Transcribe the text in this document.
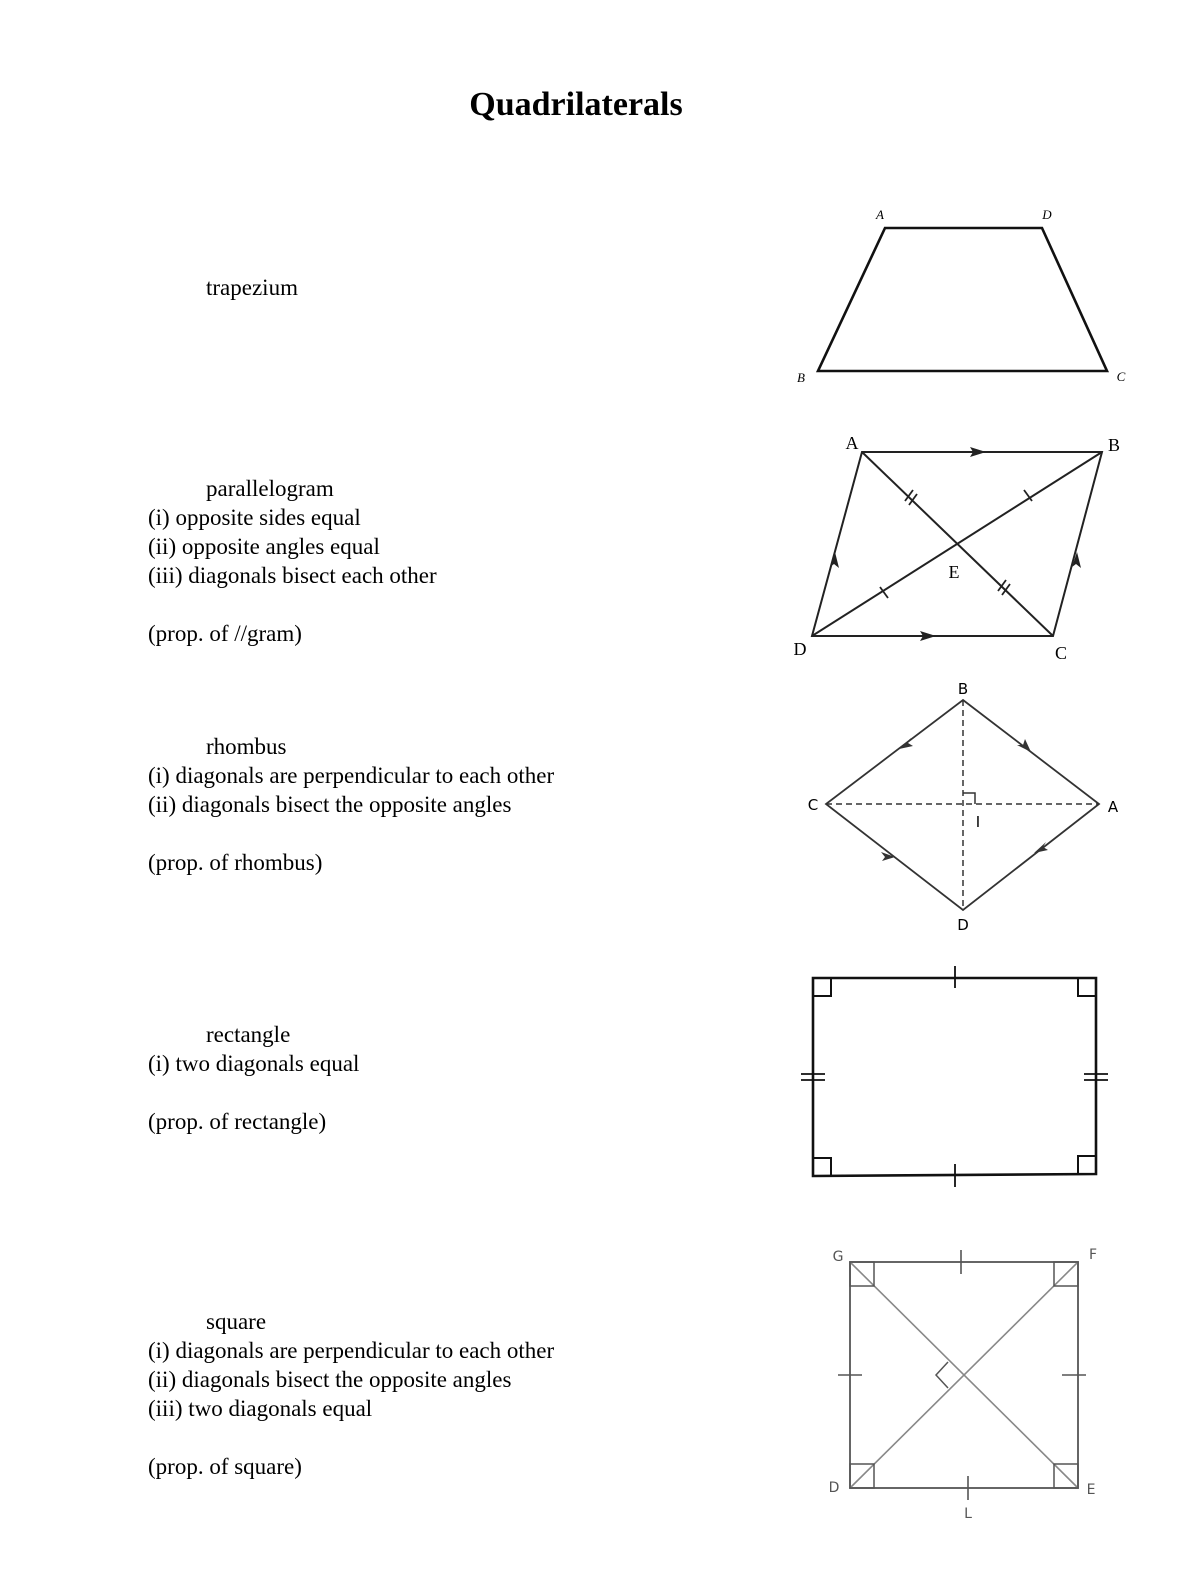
Quadrilaterals
trapezium
A	D
B	C
parallelogram
(i) opposite sides equal
(ii) opposite angles equal
(iii) diagonals bisect each other
(prop. of //gram)
A	B
C
D
E
rhombus
(i) diagonals are perpendicular to each other
(ii) diagonals bisect the opposite angles
(prop. of rhombus)
B
C	A
I
D
rectangle
(i) two diagonals equal
(prop. of rectangle)
square
(i) diagonals are perpendicular to each other
(ii) diagonals bisect the opposite angles
(iii) two diagonals equal
(prop. of square)
G	F
D	E
L
